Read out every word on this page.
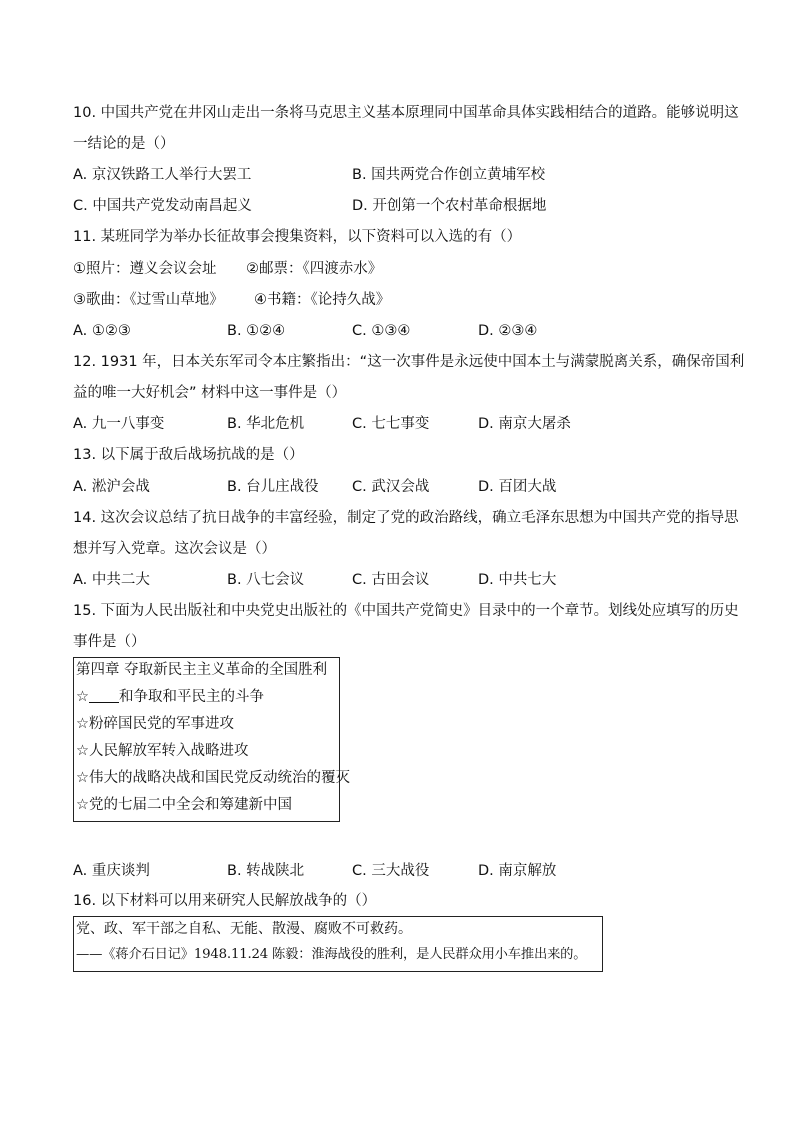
10. 中国共产党在井冈山走出一条将马克思主义基本原理同中国革命具体实践相结合的道路。能够说明这
一结论的是（）
A. 京汉铁路工人举行大罢工	B. 国共两党合作创立黄埔军校
C. 中国共产党发动南昌起义	D. 开创第一个农村革命根据地
11. 某班同学为举办长征故事会搜集资料，以下资料可以入选的有（）
①照片：遵义会议会址 ②邮票：《四渡赤水》
③歌曲：《过雪山草地》 ④书籍：《论持久战》
A. ①②③	B. ①②④	C. ①③④	D. ②③④
12. 1931 年，日本关东军司令本庄繁指出：“这一次事件是永远使中国本土与满蒙脱离关系，确保帝国利
益的唯一大好机会” 材料中这一事件是（）
A. 九一八事变	B. 华北危机	C. 七七事变	D. 南京大屠杀
13. 以下属于敌后战场抗战的是（）
A. 淞沪会战	B. 台儿庄战役 C. 武汉会战	D. 百团大战
14. 这次会议总结了抗日战争的丰富经验，制定了党的政治路线，确立毛泽东思想为中国共产党的指导思
想并写入党章。这次会议是（）
A. 中共二大	B. 八七会议	C. 古田会议	D. 中共七大
15. 下面为人民出版社和中央党史出版社的《中国共产党简史》目录中的一个章节。划线处应填写的历史
事件是（）
第四章 夺取新民主主义革命的全国胜利
☆ 和争取和平民主的斗争
☆粉碎国民党的军事进攻
☆人民解放军转入战略进攻
☆伟大的战略决战和国民党反动统治的覆灭
☆党的七届二中全会和筹建新中国
A. 重庆谈判	B. 转战陕北	C. 三大战役	D. 南京解放
16. 以下材料可以用来研究人民解放战争的（）
党、政、军干部之自私、无能、散漫、腐败不可救药。
——《蒋介石日记》1948.11.24 陈毅：淮海战役的胜利，是人民群众用小车推出来的。
